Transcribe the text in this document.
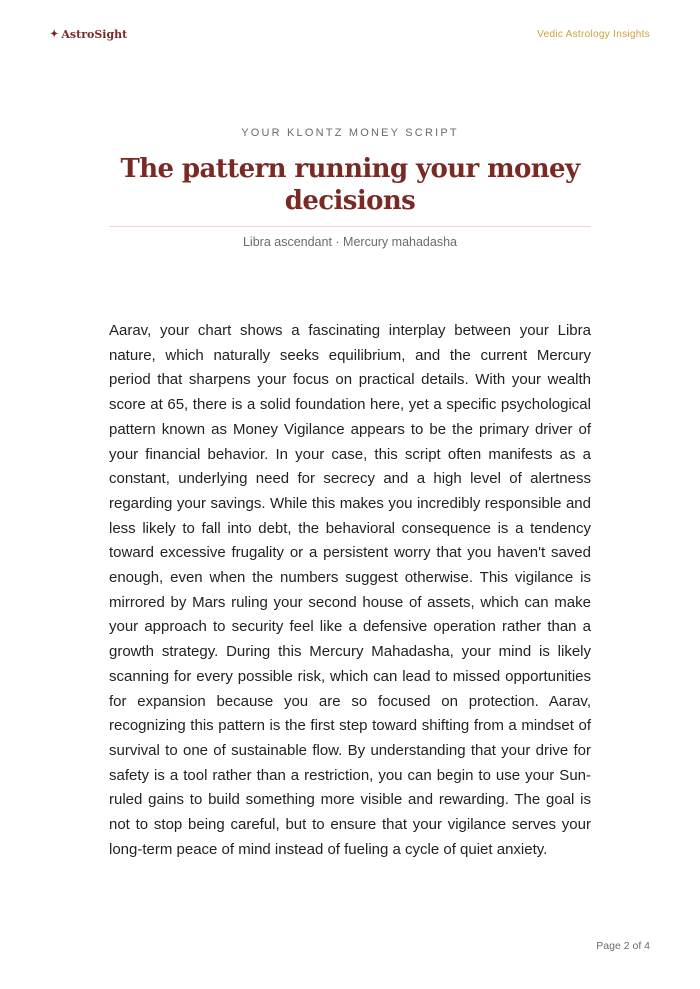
✦ AstroSight	Vedic Astrology Insights
YOUR KLONTZ MONEY SCRIPT
The pattern running your money decisions
Libra ascendant · Mercury mahadasha

Aarav, your chart shows a fascinating interplay between your Libra nature, which naturally seeks equilibrium, and the current Mercury period that sharpens your focus on practical details. With your wealth score at 65, there is a solid foundation here, yet a specific psychological pattern known as Money Vigilance appears to be the primary driver of your financial behavior. In your case, this script often manifests as a constant, underlying need for secrecy and a high level of alertness regarding your savings. While this makes you incredibly responsible and less likely to fall into debt, the behavioral consequence is a tendency toward excessive frugality or a persistent worry that you haven't saved enough, even when the numbers suggest otherwise. This vigilance is mirrored by Mars ruling your second house of assets, which can make your approach to security feel like a defensive operation rather than a growth strategy. During this Mercury Mahadasha, your mind is likely scanning for every possible risk, which can lead to missed opportunities for expansion because you are so focused on protection. Aarav, recognizing this pattern is the first step toward shifting from a mindset of survival to one of sustainable flow. By understanding that your drive for safety is a tool rather than a restriction, you can begin to use your Sun-ruled gains to build something more visible and rewarding. The goal is not to stop being careful, but to ensure that your vigilance serves your long-term peace of mind instead of fueling a cycle of quiet anxiety.

Page 2 of 4
